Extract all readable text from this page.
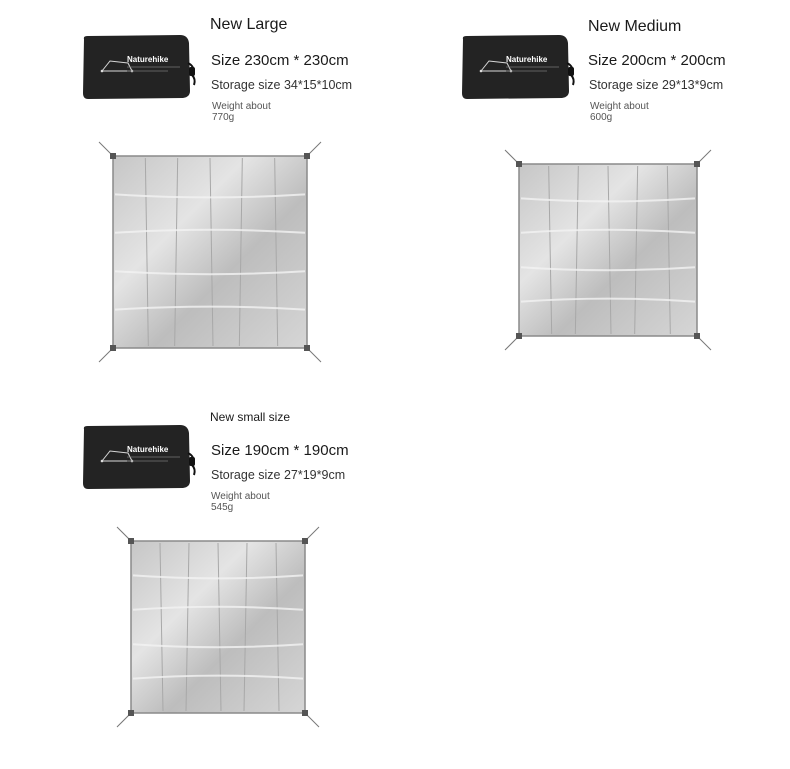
New Large
Naturehike	Size 230cm * 230cm
Storage size 34*15*10cm
Weight about
770g
New Medium
Naturehike	Size 200cm * 200cm
Storage size 29*13*9cm
Weight about
600g
New small size
Naturehike	Size 190cm * 190cm
Storage size 27*19*9cm
Weight about
545g
